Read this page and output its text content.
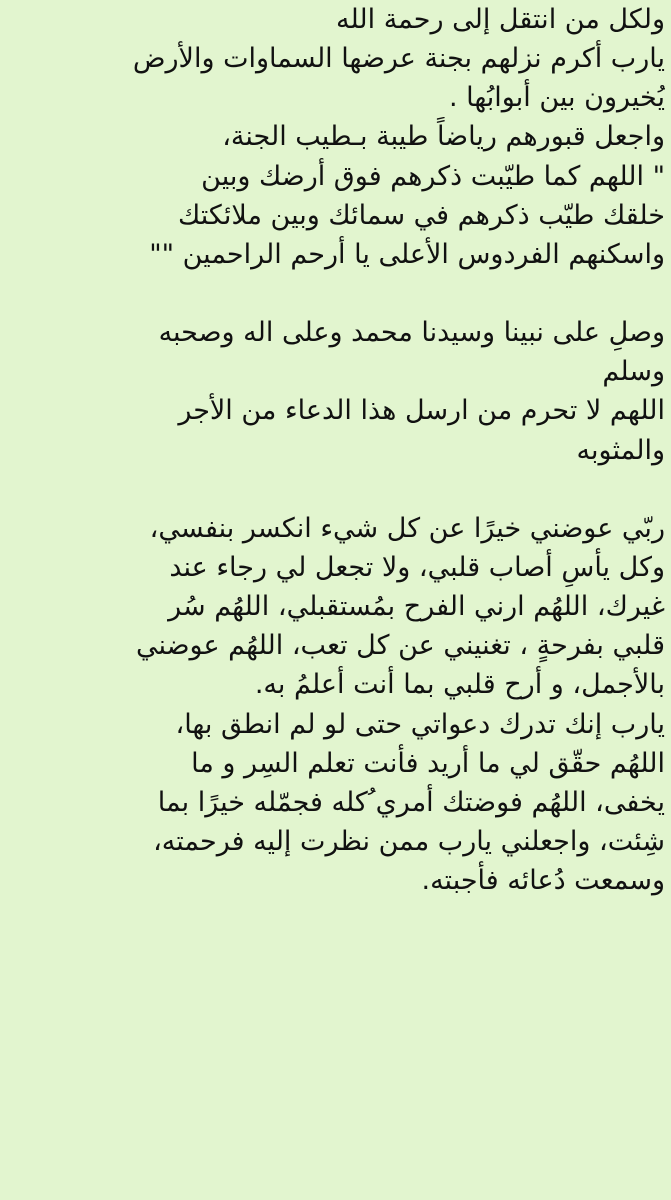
ولكل من انتقل إلى رحمة الله
يارب أكرم نزلهم بجنة عرضها السماوات والأرض
يُخيرون بين أبوابُها .
واجعل قبورهم رياضاً طيبة بـطيب الجنة،
" اللهم كما طيّبت ذكرهم فوق أرضك وبين
خلقك طيّب ذكرهم في سمائك وبين ملائكتك
واسكنهم الفردوس الأعلى يا أرحم الراحمين ""
وصلِ على نبينا وسيدنا محمد وعلى اله وصحبه
وسلم
اللهم لا تحرم من ارسل هذا الدعاء من الأجر
والمثوبه
ربّي عوضني خيرًا عن كل شيء انكسر بنفسي،
وكل يأسٍ أصاب قلبي، ولا تجعل لي رجاء عند
غيرك، اللهُم ارني الفرح بمُستقبلي، اللهُم سُر
قلبي بفرحةٍ ، تغنيني عن كل تعب، اللهُم عوضني
بالأجمل، و أرح قلبي بما أنت أعلمُ به.
يارب إنك تدرك دعواتي حتى لو لم انطق بها،
اللهُم حقّق لي ما أُريد فأنت تعلم السِر و ما
يخفى، اللهُم فوضتك أمري ُكله فجمّله خيرًا بما
شِئت، واجعلني يارب ممن نظرت إليه فرحمته،
وسمعت دُعائه فأجبته.
